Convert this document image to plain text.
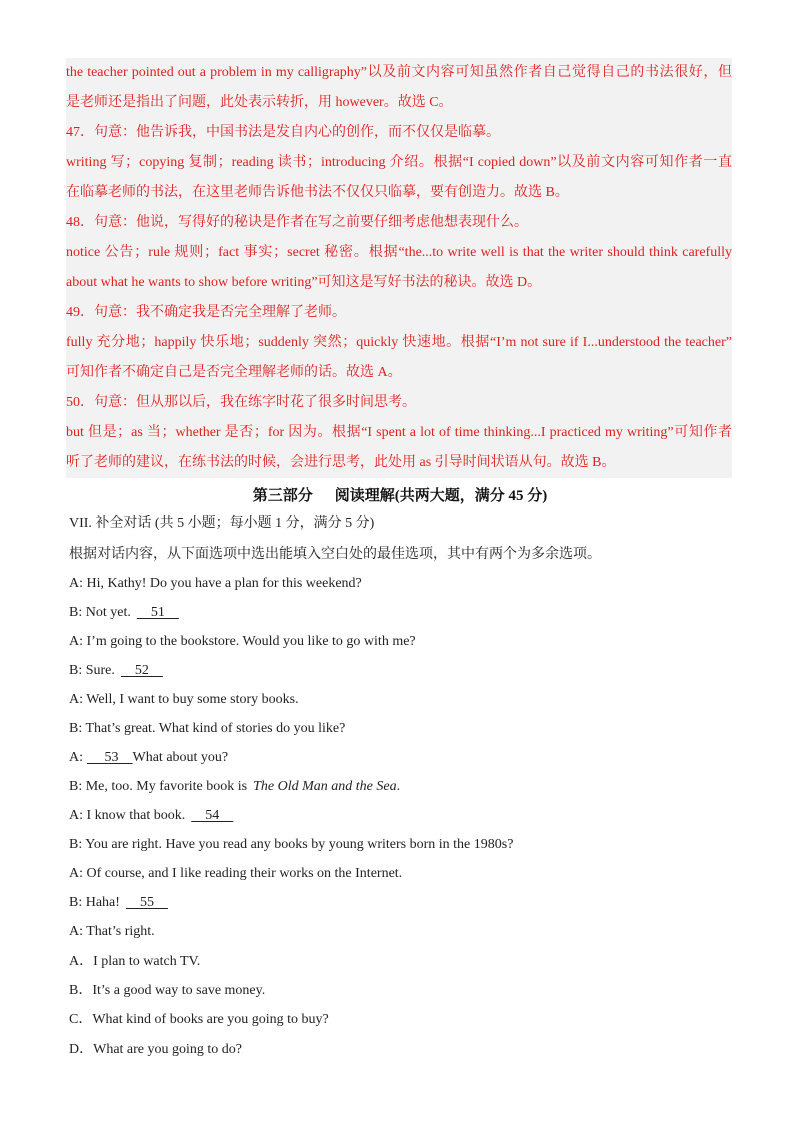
the teacher pointed out a problem in my calligraphy”以及前文内容可知虽然作者自己觉得自己的书法很好，但
是老师还是指出了问题，此处表示转折，用 however。故选 C。
47．句意：他告诉我，中国书法是发自内心的创作，而不仅仅是临摹。
writing 写；copying 复制；reading 读书；introducing 介绍。根据“I copied down”以及前文内容可知作者一直
在临摹老师的书法，在这里老师告诉他书法不仅仅只临摹，要有创造力。故选 B。
48．句意：他说，写得好的秘诀是作者在写之前要仔细考虑他想表现什么。
notice 公告；rule 规则；fact 事实；secret 秘密。根据“the...to write well is that the writer should think carefully
about what he wants to show before writing”可知这是写好书法的秘诀。故选 D。
49．句意：我不确定我是否完全理解了老师。
fully 充分地；happily 快乐地；suddenly 突然；quickly 快速地。根据“I’m not sure if I...understood the teacher”
可知作者不确定自己是否完全理解老师的话。故选 A。
50．句意：但从那以后，我在练字时花了很多时间思考。
but 但是；as 当；whether 是否；for 因为。根据“I spent a lot of time thinking...I practiced my writing”可知作者
听了老师的建议，在练书法的时候，会进行思考，此处用 as 引导时间状语从句。故选 B。
第三部分 阅读理解(共两大题，满分 45 分)
VII. 补全对话 (共 5 小题；每小题 1 分，满分 5 分)
根据对话内容，从下面选项中选出能填入空白处的最佳选项，其中有两个为多余选项。
A: Hi, Kathy! Do you have a plan for this weekend?
B: Not yet.    51
A: I’m going to the bookstore. Would you like to go with me?
B: Sure.    52
A: Well, I want to buy some story books.
B: That’s great. What kind of stories do you like?
A:     53    What about you?
B: Me, too. My favorite book is The Old Man and the Sea.
A: I know that book.    54
B: You are right. Have you read any books by young writers born in the 1980s?
A: Of course, and I like reading their works on the Internet.
B: Haha!    55
A: That’s right.
A．I plan to watch TV.
B．It’s a good way to save money.
C．What kind of books are you going to buy?
D．What are you going to do?
